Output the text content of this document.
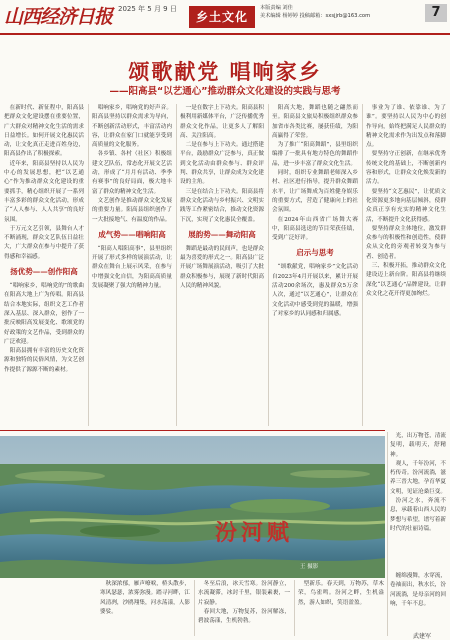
山西经济日报 2025 年 5 月 9 日
乡土文化
本版责编 刘佳
美术编辑 杨婷婷 投稿邮箱：sxsjjrb@163.com	7
颂歌献党 唱响家乡
——阳高县“以艺通心”推动群众文化建设的实践与思考

在新时代、新征程中，阳高县把群众文化建设摆在重要位置，广大群众对精神文化生活的需求日益增长。如何开展文化惠民活动，让文化真正走进百姓身边，阳高县作出了积极探索。

近年来，阳高县坚持以人民为中心的发展思想，把“以艺通心”作为推动群众文化建设的重要抓手，精心组织开展了一系列丰富多彩的群众文化活动，形成了“人人参与、人人共享”的良好氛围。

于万元文艺引领，县舞台人才不断涌现，群众文艺队伍日益壮大，广大群众在参与中提升了获得感和幸福感。

扬优势——创作阳高

“唱响家乡，唱响党的”的歌曲在阳高大地上广为传唱。阳高县结合本地实际，组织文艺工作者深入基层、深入群众，创作了一批反映阳高发展变化、歌颂党的好政策的文艺作品，受到群众的广泛欢迎。

阳高县拥有丰富的历史文化资源和独特的民俗风情，为文艺创作提供了源源不断的素材。

唱响家乡，唱响党的好声音。阳高县坚持以群众需求为导向，不断创新活动形式，丰富活动内容，让群众在家门口就能享受到高质量的文化服务。

各乡镇、各村（社区）积极组建文艺队伍，常态化开展文艺活动，形成了“月月有活动、季季有赛事”的良好局面，极大地丰富了群众的精神文化生活。

文艺创作是推动群众文化发展的重要力量。阳高县组织创作了一大批接地气、有温度的作品。

成气势——唱响阳高

“阳高人唱阳高事”，县里组织开展了形式多样的展演活动，让群众在舞台上展示风采，在参与中增强文化自信，为阳高高质量发展凝聚了强大的精神力量。

一是在数字上下功夫。阳高县积极利用新媒体平台，广泛传播优秀群众文化作品，让更多人了解阳高、关注阳高。

二是在参与上下功夫。通过搭建平台，鼓励群众广泛参与，真正做到文化活动由群众参与、群众评判、群众共享，让群众成为文化建设的主角。

三是在结合上下功夫。阳高县将群众文化活动与乡村振兴、文明实践等工作紧密结合，推动文化资源下沉，实现了文化惠民全覆盖。

展韵势——舞动阳高

舞蹈是最动的民间声，也是群众最为喜爱的形式之一。阳高县广泛开展广场舞展演活动，吸引了大批群众积极参与，展现了新时代阳高人民的精神风貌。

阳高大地，舞蹈也随之翩然而至。阳高县文旅局积极组织群众参加省市各类比赛，屡获佳绩，为阳高赢得了荣誉。

为了推广“阳高舞蹈”，县里组织编排了一批具有地方特色的舞蹈作品，进一步丰富了群众文化生活。

同时，组织专业舞蹈老师深入乡村、社区进行指导，提升群众舞蹈水平，让广场舞成为百姓健身娱乐的重要方式，营造了健康向上的社会氛围。

在2024年山西省广场舞大赛中，阳高县选送的节目荣获佳绩，受到广泛好评。

启示与思考

“颂歌献党，唱响家乡”文化活动自2023年4月开展以来，累计开展活动200余场次，惠及群众5万余人次，通过“以艺通心”，让群众在文化活动中感受到党的温暖，增强了对家乡的认同感和归属感。

事业为了谁、依靠谁、为了谁”。要坚持以人民为中心的创作导向，始终把满足人民群众的精神文化需求作为出发点和落脚点。

要坚持守正创新，在继承优秀传统文化的基础上，不断创新内容和形式，让群众文化焕发新的活力。

要坚持“文艺惠民”，让优质文化资源更多地向基层倾斜，使群众真正享有充实的精神文化生活，不断提升文化获得感。

要坚持群众主体地位，激发群众参与的积极性和创造性，使群众从文化的旁观者转变为参与者、创造者。

三、积极开拓，推动群众文化建设迈上新台阶。阳高县将继续深化“以艺通心”品牌建设，让群众文化之花开得更加绚烂。

光，出万物苍，清流复明，载明天，舒精神。

观人，千年汾河，不朽传奇。汾河流淌，滋养三晋大地，孕育华夏文明，见证沧桑巨变。

汾河之水，奔流不息，承载着山西人民的梦想与希望，谱写着新时代的壮丽诗篇。

王 摄影
汾河赋

秋深浓郁，雁声嘹唳，桥头散步，寒风瑟瑟，浓雾弥漫。踏寻河畔，江风清冽，沙鸥翔集，河水荡漾，人影婆娑。

冬至后浪，冰天雪寒。汾河静立，水流凝滞，冰封千里，银装素裹，一片寂静。

春回大地，万物复苏，汾河解冻，碧波荡漾，生机勃勃。

型新乐。春天到，万物苏，草木荣，鸟雀鸣。汾河之畔，生机盎然，游人如织，笑语盈盈。

缠绵漫舞，水穿流，卷袖而出，秋水长，汾河流淌，是母亲河的回响，千年不息。

武建军
